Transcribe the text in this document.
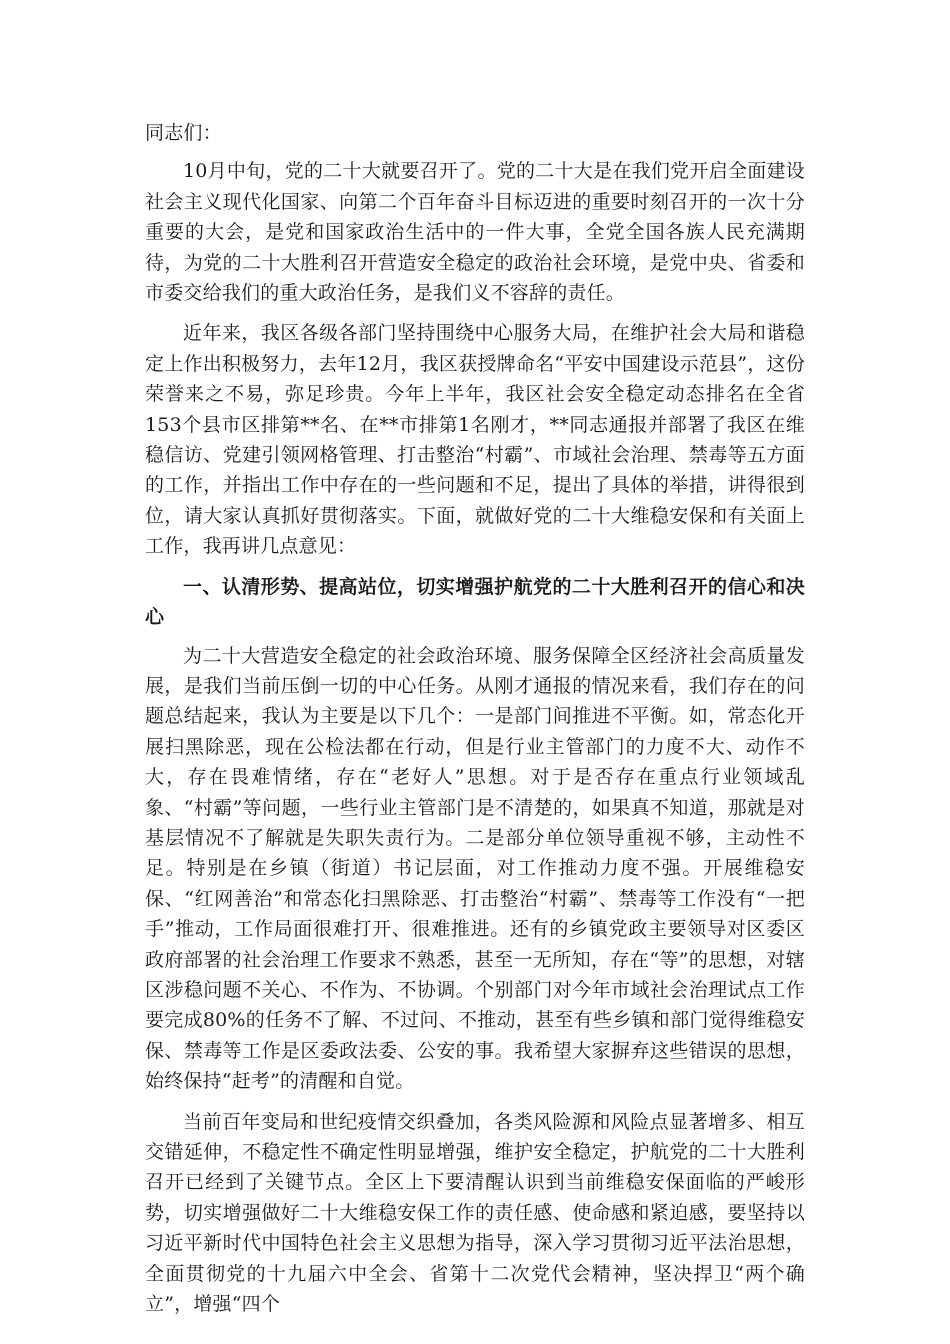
同志们：

10月中旬，党的二十大就要召开了。党的二十大是在我们党开启全面建设社会主义现代化国家、向第二个百年奋斗目标迈进的重要时刻召开的一次十分重要的大会，是党和国家政治生活中的一件大事，全党全国各族人民充满期待，为党的二十大胜利召开营造安全稳定的政治社会环境，是党中央、省委和市委交给我们的重大政治任务，是我们义不容辞的责任。

近年来，我区各级各部门坚持围绕中心服务大局，在维护社会大局和谐稳定上作出积极努力，去年12月，我区获授牌命名“平安中国建设示范县”，这份荣誉来之不易，弥足珍贵。今年上半年，我区社会安全稳定动态排名在全省153个县市区排第**名、在**市排第1名刚才，**同志通报并部署了我区在维稳信访、党建引领网格管理、打击整治“村霸”、市域社会治理、禁毒等五方面的工作，并指出工作中存在的一些问题和不足，提出了具体的举措，讲得很到位，请大家认真抓好贯彻落实。下面，就做好党的二十大维稳安保和有关面上工作，我再讲几点意见：

一、认清形势、提高站位，切实增强护航党的二十大胜利召开的信心和决心

为二十大营造安全稳定的社会政治环境、服务保障全区经济社会高质量发展，是我们当前压倒一切的中心任务。从刚才通报的情况来看，我们存在的问题总结起来，我认为主要是以下几个：一是部门间推进不平衡。如，常态化开展扫黑除恶，现在公检法都在行动，但是行业主管部门的力度不大、动作不大，存在畏难情绪，存在“老好人”思想。对于是否存在重点行业领域乱象、“村霸”等问题，一些行业主管部门是不清楚的，如果真不知道，那就是对基层情况不了解就是失职失责行为。二是部分单位领导重视不够，主动性不足。特别是在乡镇（街道）书记层面，对工作推动力度不强。开展维稳安保、“红网善治”和常态化扫黑除恶、打击整治“村霸”、禁毒等工作没有“一把手”推动，工作局面很难打开、很难推进。还有的乡镇党政主要领导对区委区政府部署的社会治理工作要求不熟悉，甚至一无所知，存在“等”的思想，对辖区涉稳问题不关心、不作为、不协调。个别部门对今年市域社会治理试点工作要完成80%的任务不了解、不过问、不推动，甚至有些乡镇和部门觉得维稳安保、禁毒等工作是区委政法委、公安的事。我希望大家摒弃这些错误的思想，始终保持“赶考”的清醒和自觉。

当前百年变局和世纪疫情交织叠加，各类风险源和风险点显著增多、相互交错延伸，不稳定性不确定性明显增强，维护安全稳定，护航党的二十大胜利召开已经到了关键节点。全区上下要清醒认识到当前维稳安保面临的严峻形势，切实增强做好二十大维稳安保工作的责任感、使命感和紧迫感，要坚持以习近平新时代中国特色社会主义思想为指导，深入学习贯彻习近平法治思想，全面贯彻党的十九届六中全会、省第十二次党代会精神，坚决捍卫“两个确立”，增强“四个
